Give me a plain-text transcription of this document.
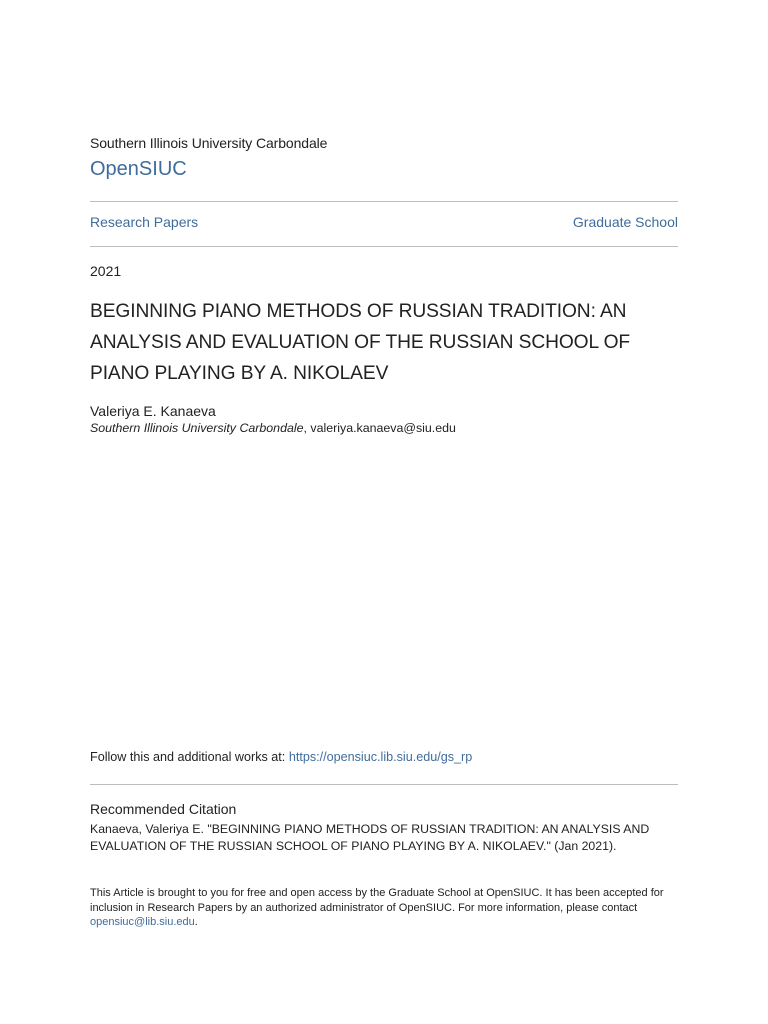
Southern Illinois University Carbondale
OpenSIUC
Research Papers	Graduate School
2021
BEGINNING PIANO METHODS OF RUSSIAN TRADITION: AN ANALYSIS AND EVALUATION OF THE RUSSIAN SCHOOL OF PIANO PLAYING BY A. NIKOLAEV
Valeriya E. Kanaeva
Southern Illinois University Carbondale, valeriya.kanaeva@siu.edu
Follow this and additional works at: https://opensiuc.lib.siu.edu/gs_rp
Recommended Citation
Kanaeva, Valeriya E. "BEGINNING PIANO METHODS OF RUSSIAN TRADITION: AN ANALYSIS AND EVALUATION OF THE RUSSIAN SCHOOL OF PIANO PLAYING BY A. NIKOLAEV." (Jan 2021).
This Article is brought to you for free and open access by the Graduate School at OpenSIUC. It has been accepted for inclusion in Research Papers by an authorized administrator of OpenSIUC. For more information, please contact opensiuc@lib.siu.edu.
